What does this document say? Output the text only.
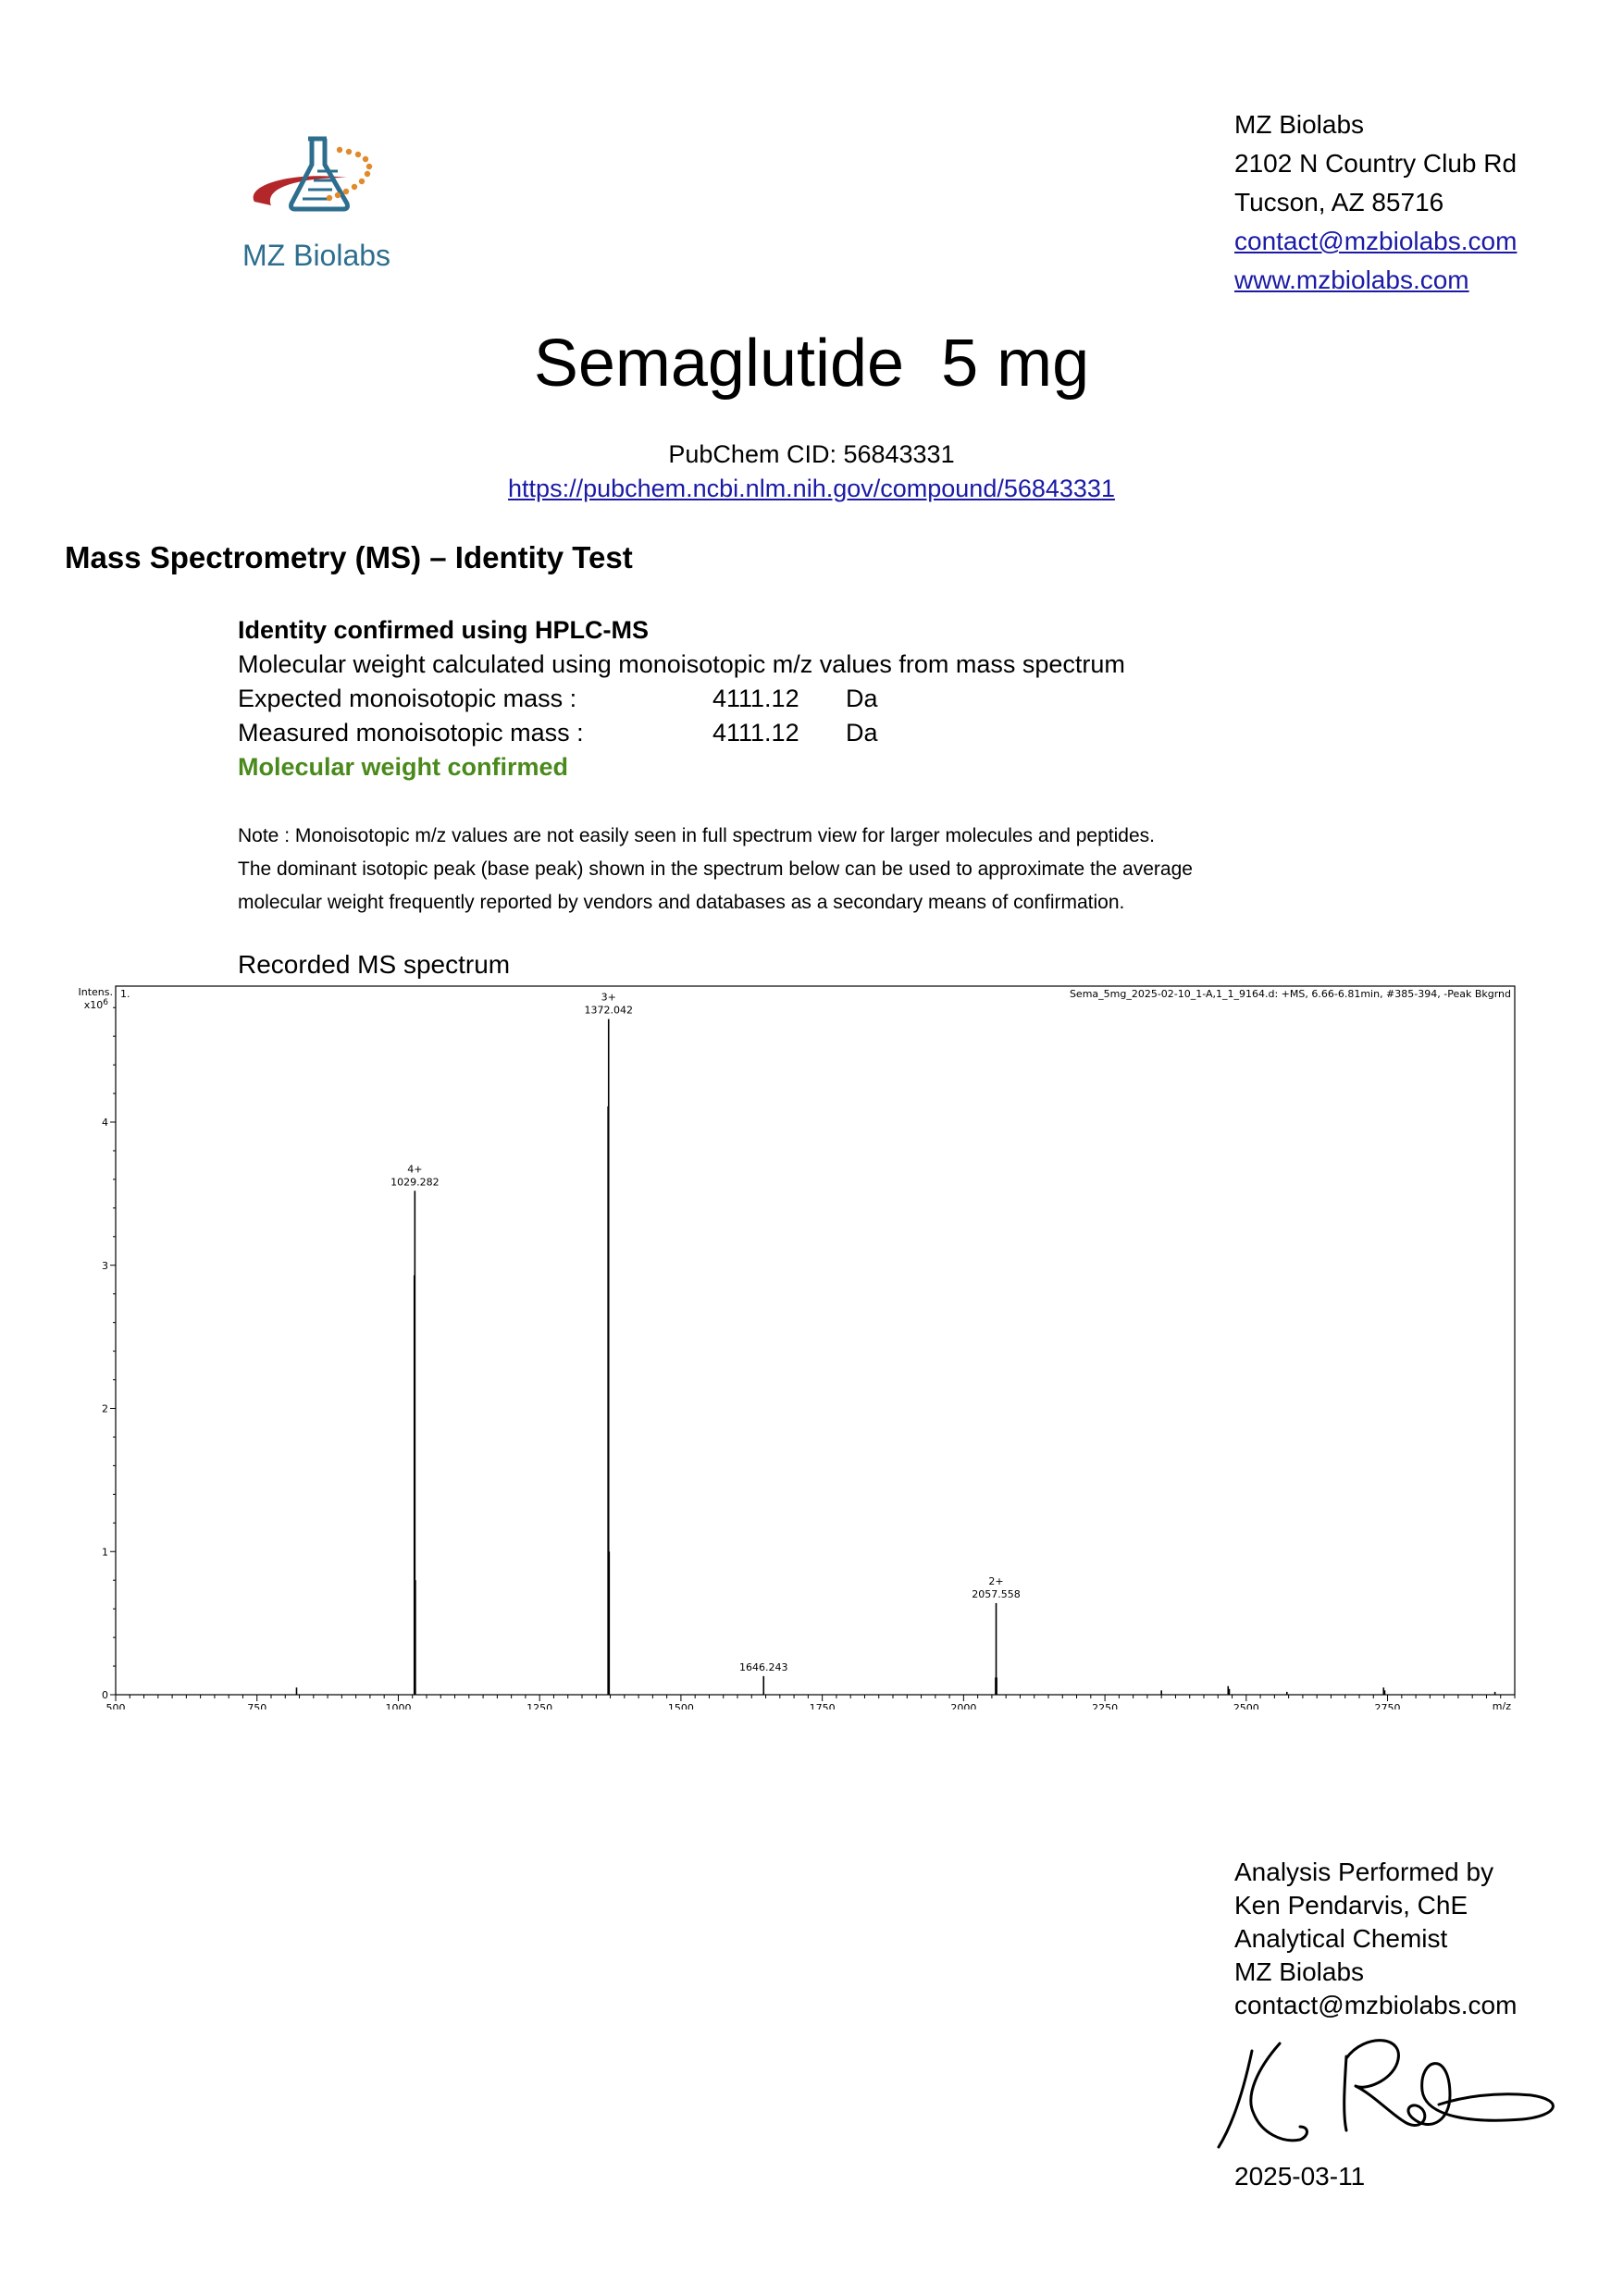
MZ Biolabs
MZ Biolabs
2102 N Country Club Rd
Tucson, AZ 85716
contact@mzbiolabs.com
www.mzbiolabs.com
Semaglutide  5 mg
PubChem CID: 56843331
https://pubchem.ncbi.nlm.nih.gov/compound/56843331
Mass Spectrometry (MS) – Identity Test
Identity confirmed using HPLC-MS
Molecular weight calculated using monoisotopic m/z values from mass spectrum
Expected monoisotopic mass :	4111.12 Da
Measured monoisotopic mass :	4111.12 Da
Molecular weight confirmed
Note : Monoisotopic m/z values are not easily seen in full spectrum view for larger molecules and peptides.
The dominant isotopic peak (base peak) shown in the spectrum below can be used to approximate the average
molecular weight frequently reported by vendors and databases as a secondary means of confirmation.
Recorded MS spectrum
Intens.
$x10^6$
1.	Sema_5mg_2025-02-10_1-A,1_1_9164.d: +MS, 6.66-6.81min, #385-394, -Peak Bkgrnd
m/z
500	750	1000	1250	1500	1750	2000	2250	2500	2750
0
1
2
3
4
4+
1029.282
3+
1372.042
1646.243
2+
2057.558
Analysis Performed by
Ken Pendarvis, ChE
Analytical Chemist
MZ Biolabs
contact@mzbiolabs.com
2025-03-11
